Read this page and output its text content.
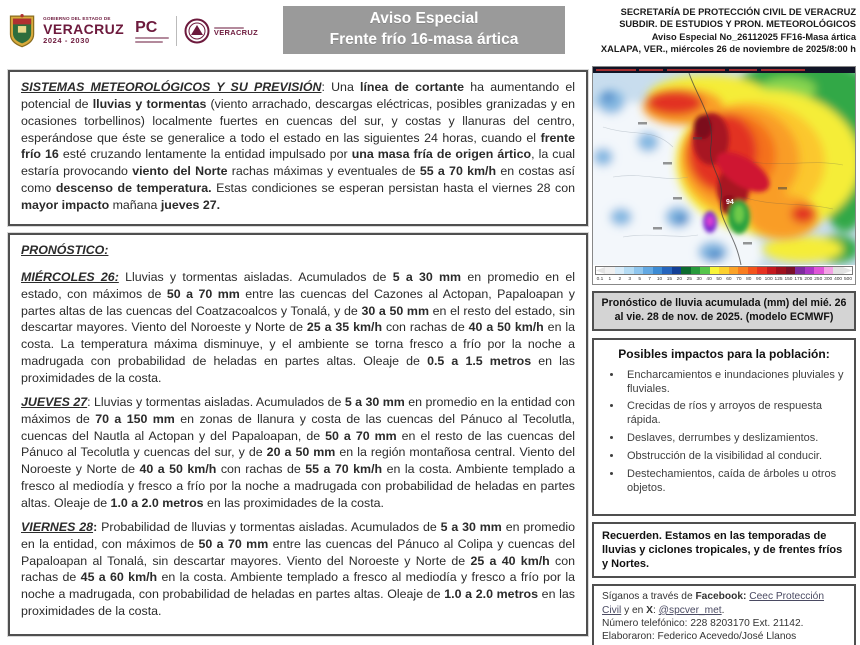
GOBIERNO DEL ESTADO DE
VERACRUZ
2024 - 2030
PC	VERACRUZ
Aviso Especial
Frente frío 16-masa ártica
SECRETARÍA DE PROTECCIÓN CIVIL DE VERACRUZ
SUBDIR. DE ESTUDIOS Y PRON. METEOROLÓGICOS
Aviso Especial No_26112025 FF16-Masa ártica
XALAPA, VER., miércoles 26 de noviembre de 2025/8:00 h

SISTEMAS METEOROLÓGICOS Y SU PREVISIÓN: Una línea de cortante ha aumentando el potencial de lluvias y tormentas (viento arrachado, descargas eléctricas, posibles granizadas y en ocasiones torbellinos) localmente fuertes en cuencas del sur, y costas y llanuras del centro, esperándose que éste se generalice a todo el estado en las siguientes 24 horas, cuando el frente frío 16 esté cruzando lentamente la entidad impulsado por una masa fría de origen ártico, la cual estaría provocando viento del Norte rachas máximas y eventuales de 55 a 70 km/h en costas así como descenso de temperatura. Estas condiciones se esperan persistan hasta el viernes 28 con mayor impacto mañana jueves 27.

PRONÓSTICO:

MIÉRCOLES 26: Lluvias y tormentas aisladas. Acumulados de 5 a 30 mm en promedio en el estado, con máximos de 50 a 70 mm entre las cuencas del Cazones al Actopan, Papaloapan y partes altas de las cuencas del Coatzacoalcos y Tonalá, y de 30 a 50 mm en el resto del estado, sin descartar mayores. Viento del Noroeste y Norte de 25 a 35 km/h con rachas de 40 a 50 km/h en la costa. La temperatura máxima disminuye, y el ambiente se torna fresco a frío por la noche a madrugada con probabilidad de heladas en partes altas. Oleaje de 0.5 a 1.5 metros en las proximidades de la costa.

JUEVES 27: Lluvias y tormentas aisladas. Acumulados de 5 a 30 mm en promedio en la entidad con máximos de 70 a 150 mm en zonas de llanura y costa de las cuencas del Pánuco al Tecolutla, cuencas del Nautla al Actopan y del Papaloapan, de 50 a 70 mm en el resto de las cuencas del Pánuco al Tecolutla y cuencas del sur, y de 20 a 50 mm en la región montañosa central. Viento del Noroeste y Norte de 40 a 50 km/h con rachas de 55 a 70 km/h en la costa. Ambiente templado a fresco al mediodía y fresco a frío por la noche a madrugada con probabilidad de heladas en partes altas. Oleaje de 1.0 a 2.0 metros en las proximidades de la costa.

VIERNES 28: Probabilidad de lluvias y tormentas aisladas. Acumulados de 5 a 30 mm en promedio en la entidad, con máximos de 50 a 70 mm entre las cuencas del Pánuco al Colipa y cuencas del Papaloapan al Tonalá, sin descartar mayores. Viento del Noroeste y Norte de 25 a 40 km/h con rachas de 45 a 60 km/h en la costa. Ambiente templado a fresco al mediodía y fresco a frío por la noche a madrugada, con probabilidad de heladas en partes altas. Oleaje de 1.0 a 2.0 metros en las proximidades de la costa.

94
0.1	1	2	3	5	7	10 15 20 25 30 40 50 60 70 80 90 100 125 150 175 200 250 300 400 500
Pronóstico de lluvia acumulada (mm) del mié. 26 al vie. 28 de nov. de 2025. (modelo ECMWF)

Posibles impactos para la población:

• Encharcamientos e inundaciones pluviales y fluviales.
• Crecidas de ríos y arroyos de respuesta rápida.
• Deslaves, derrumbes y deslizamientos.
• Obstrucción de la visibilidad al conducir.
• Destechamientos, caída de árboles u otros objetos.
Recuerden. Estamos en las temporadas de lluvias y ciclones tropicales, y de frentes fríos y Nortes.

Síganos a través de Facebook: Ceec Protección Civil y en X: @spcver_met.

Número telefónico: 228 8203170 Ext. 21142.

Elaboraron: Federico Acevedo/José Llanos
